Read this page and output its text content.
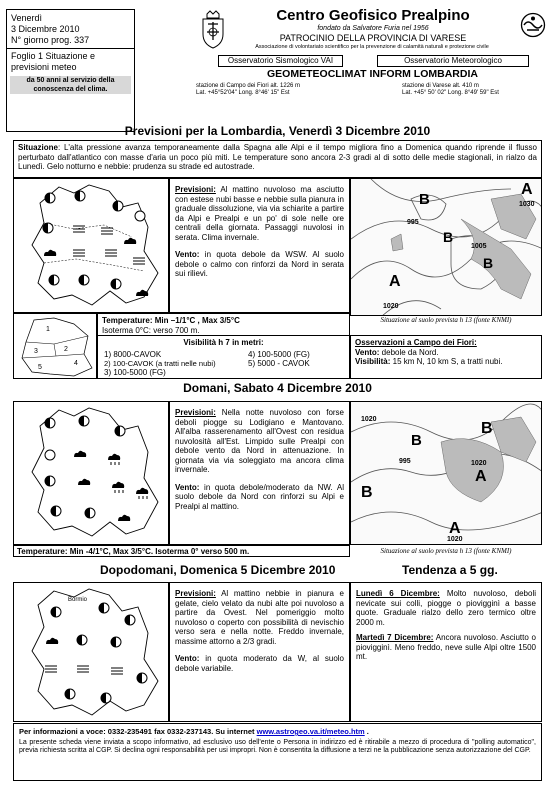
Venerdì
3 Dicembre 2010
N° giorno prog. 337
Foglio 1 Situazione e previsioni meteo
da 50 anni al servizio della conoscenza del clima.
Centro Geofisico Prealpino
fondato da Salvatore Furia nel 1956
PATROCINIO DELLA PROVINCIA DI VARESE
Associazione di volontariato scientifico per la prevenzione di calamità naturali e protezione civile
Osservatorio Sismologico VAI	Osservatorio Meteorologico
GEOMETEOCLIMAT INFORM LOMBARDIA
stazione di Campo dei Fiori alt. 1226 m
Lat. +45°52'04" Long. 8°46' 15" Est
stazione di Varese alt. 410 m
Lat. +45° 50' 02" Long. 8°49' 59" Est
Previsioni per la Lombardia, Venerdì 3 Dicembre 2010
Situazione: L'alta pressione avanza temporaneamente dalla Spagna alle Alpi e il tempo migliora fino a Domenica quando riprende il flusso perturbato dall'atlantico con masse d'aria un poco più miti. Le temperature sono ancora 2-3 gradi al di sotto delle medie stagionali, in rialzo da Lunedì. Gelo notturno e nebbie: prudenza su strade ed autostrade.
Previsioni: Al mattino nuvoloso ma asciutto con estese nubi basse e nebbie sulla pianura in graduale dissoluzione, via via schiarite a partire da Alpi e Prealpi e un po' di sole nelle ore centrali della giornata. Passaggi nuvolosi in serata. Clima invernale.
Vento: in quota debole da WSW. Al suolo debole o calmo con rinforzi da Nord in serata sui rilievi.
A
B
995
1030
B
1005
B
A
1020
1
2
3
4
5
Temperature: Min –1/1°C , Max 3/5°C
Isoterma 0°C: verso 700 m.
Visibilità h 7 in metri:
1) 8000-CAVOK	4) 100-5000 (FG)
2) 100-CAVOK (a tratti nelle nubi)	5) 5000 - CAVOK
3) 100-5000 (FG)
Situazione al suolo prevista h 13 (fonte KNMI)
Osservazioni a Campo dei Fiori:
Vento: debole da Nord.
Visibilità: 15 km N, 10 km S, a tratti nubi.
Domani, Sabato 4 Dicembre 2010
Previsioni: Nella notte nuvoloso con forse deboli piogge su Lodigiano e Mantovano. All'alba rasserenamento all'Ovest con residua nuvolosità all'Est. Limpido sulle Prealpi con debole vento da Nord in attenuazione. In giornata via via soleggiato ma ancora clima invernale.
Vento: in quota debole/moderato da NW. Al suolo debole da Nord con rinforzi su Alpi e Prealpi al mattino.
1020
B
B
995	1020
A
B
A
1020
Temperature: Min -4/1°C, Max 3/5°C. Isoterma 0° verso 500 m.	Situazione al suolo prevista h 13 (fonte KNMI)
Dopodomani, Domenica 5 Dicembre 2010	Tendenza a 5 gg.
Bormio
Previsioni: Al mattino nebbie in pianura e gelate, cielo velato da nubi alte poi nuvoloso a partire da Ovest. Nel pomeriggio molto nuvoloso o coperto con possibilità di nevischio verso sera e nella notte. Freddo invernale, massime attorno a 2/3 gradi.
Vento: in quota moderato da W, al suolo debole variabile.
Lunedì 6 Dicembre: Molto nuvoloso, deboli nevicate sui colli, piogge o piovigginì a basse quote. Graduale rialzo dello zero termico oltre 2000 m.
Martedì 7 Dicembre: Ancora nuvoloso. Asciutto o piovigginì. Meno freddo, neve sulle Alpi oltre 1500 mt.
Per informazioni a voce: 0332-235491 fax 0332-237143. Su internet www.astrogeo.va.it/meteo.htm .
La presente scheda viene inviata a scopo informativo, ad esclusivo uso dell'ente o Persona in indirizzo ed è ritirabile a mezzo di procedura di "polling automatico", previa richiesta scritta al CGP. Si declina ogni responsabilità per usi impropri. Non è consentita la diffusione a terzi ne la pubblicazione senza autorizzazione del CGP.
